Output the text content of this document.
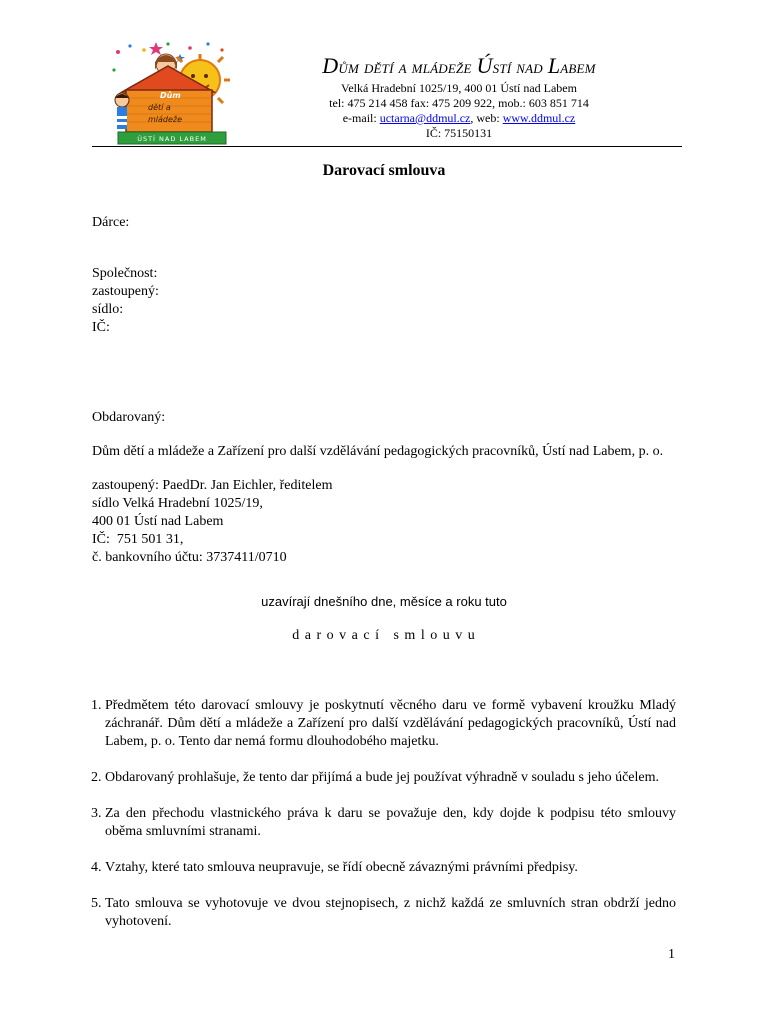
Dům
dětí a
mládeže
ÚSTÍ NAD LABEM
Dům dětí a mládeže Ústí nad Labem
Velká Hradební 1025/19, 400 01 Ústí nad Labem
tel: 475 214 458 fax: 475 209 922, mob.: 603 851 714
e-mail: uctarna@ddmul.cz, web: www.ddmul.cz
IČ: 75150131
Darovací smlouva
Dárce:
Společnost:
zastoupený:
sídlo:
IČ:
Obdarovaný:
Dům dětí a mládeže a Zařízení pro další vzdělávání pedagogických pracovníků, Ústí nad Labem, p. o.
zastoupený: PaedDr. Jan Eichler, ředitelem
sídlo Velká Hradební 1025/19,
400 01 Ústí nad Labem
IČ:  751 501 31,
č. bankovního účtu: 3737411/0710
uzavírají dnešního dne, měsíce a roku tuto
d a r o v a c í   s m l o u v u
1. Předmětem této darovací smlouvy je poskytnutí věcného daru ve formě vybavení kroužku Mladý záchranář. Dům dětí a mládeže a Zařízení pro další vzdělávání pedagogických pracovníků, Ústí nad Labem, p. o. Tento dar nemá formu dlouhodobého majetku.
2. Obdarovaný prohlašuje, že tento dar přijímá a bude jej používat výhradně v souladu s jeho účelem.
3. Za den přechodu vlastnického práva k daru se považuje den, kdy dojde k podpisu této smlouvy oběma smluvními stranami.
4. Vztahy, které tato smlouva neupravuje, se řídí obecně závaznými právními předpisy.
5. Tato smlouva se vyhotovuje ve dvou stejnopisech, z nichž každá ze smluvních stran obdrží jedno vyhotovení.
1
